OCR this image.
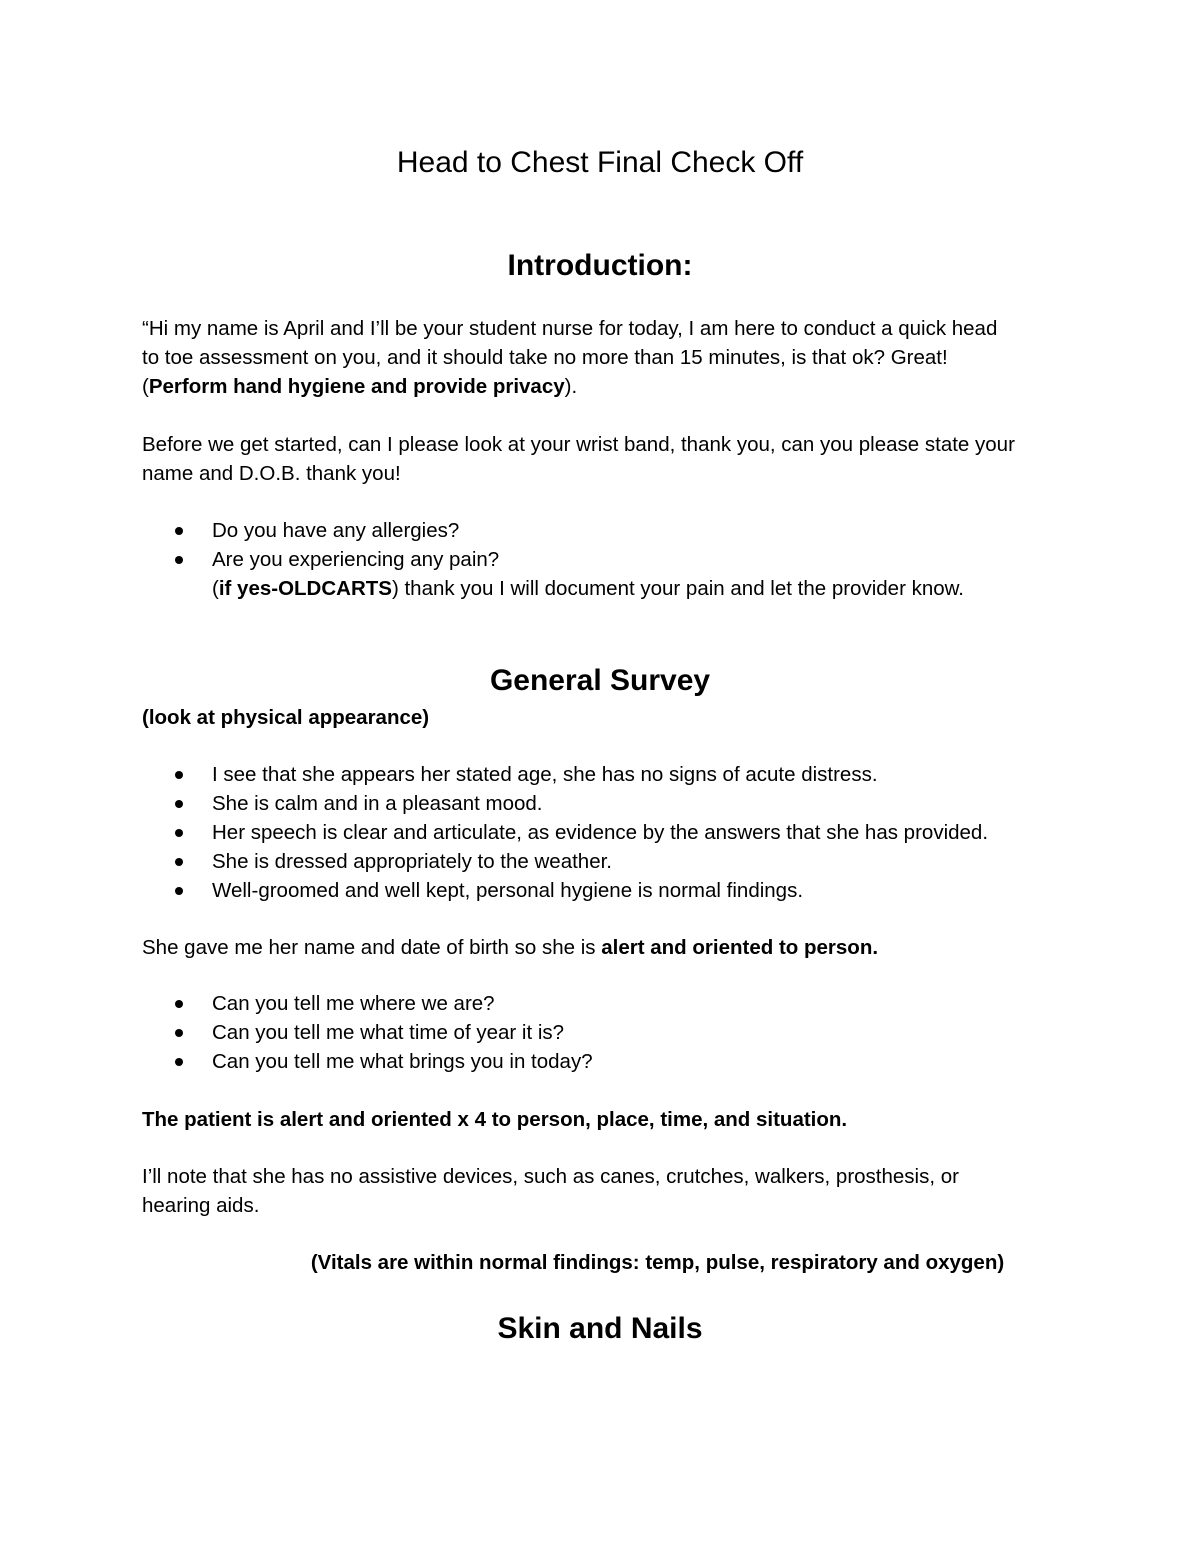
Head to Chest Final Check Off
Introduction:

“Hi my name is April and I’ll be your student nurse for today, I am here to conduct a quick head
to toe assessment on you, and it should take no more than 15 minutes, is that ok? Great!
(Perform hand hygiene and provide privacy).

Before we get started, can I please look at your wrist band, thank you, can you please state your
name and D.O.B. thank you!

Do you have any allergies?
Are you experiencing any pain?
(if yes-OLDCARTS) thank you I will document your pain and let the provider know.
General Survey

(look at physical appearance)

I see that she appears her stated age, she has no signs of acute distress.
She is calm and in a pleasant mood.
Her speech is clear and articulate, as evidence by the answers that she has provided.
She is dressed appropriately to the weather.
Well-groomed and well kept, personal hygiene is normal findings.

She gave me her name and date of birth so she is alert and oriented to person.

Can you tell me where we are?
Can you tell me what time of year it is?
Can you tell me what brings you in today?

The patient is alert and oriented x 4 to person, place, time, and situation.

I’ll note that she has no assistive devices, such as canes, crutches, walkers, prosthesis, or
hearing aids.

(Vitals are within normal findings: temp, pulse, respiratory and oxygen)

Skin and Nails
